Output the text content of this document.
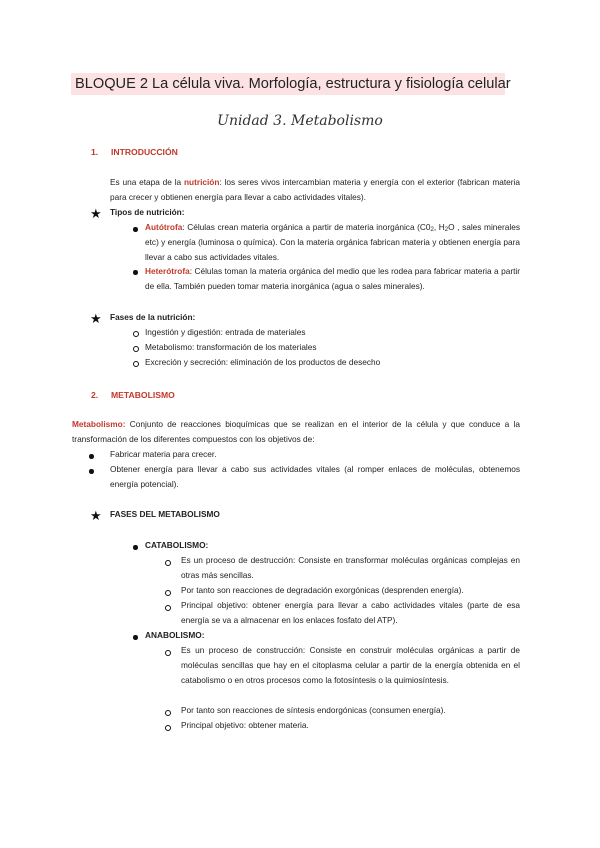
BLOQUE 2 La célula viva. Morfología, estructura y fisiología celular
Unidad 3. Metabolismo
1. INTRODUCCIÓN
Es una etapa de la nutrición: los seres vivos intercambian materia y energía con el exterior (fabrican materia para crecer y obtienen energía para llevar a cabo actividades vitales).
★ Tipos de nutrición:
Autótrofa: Células crean materia orgánica a partir de materia inorgánica ($C0_2$, $H_2O$ , sales minerales etc) y energía (luminosa o química). Con la materia orgánica fabrican materia y obtienen energía para llevar a cabo sus actividades vitales.
Heterótrofa: Células toman la materia orgánica del medio que les rodea para fabricar materia a partir de ella. También pueden tomar materia inorgánica (agua o sales minerales).
★ Fases de la nutrición:
Ingestión y digestión: entrada de materiales
Metabolismo: transformación de los materiales
Excreción y secreción: eliminación de los productos de desecho
2. METABOLISMO
Metabolismo: Conjunto de reacciones bioquímicas que se realizan en el interior de la célula y que conduce a la transformación de los diferentes compuestos con los objetivos de:
Fabricar materia para crecer.
Obtener energía para llevar a cabo sus actividades vitales (al romper enlaces de moléculas, obtenemos energía potencial).
★ FASES DEL METABOLISMO
CATABOLISMO:
Es un proceso de destrucción: Consiste en transformar moléculas orgánicas complejas en otras más sencillas.
Por tanto son reacciones de degradación exorgónicas (desprenden energía).
Principal objetivo: obtener energía para llevar a cabo actividades vitales (parte de esa energía se va a almacenar en los enlaces fosfato del ATP).
ANABOLISMO:
Es un proceso de construcción: Consiste en construir moléculas orgánicas a partir de moléculas sencillas que hay en el citoplasma celular a partir de la energía obtenida en el catabolismo o en otros procesos como la fotosíntesis o la quimiosíntesis.
Por tanto son reacciones de síntesis endorgónicas (consumen energía).
Principal objetivo: obtener materia.
